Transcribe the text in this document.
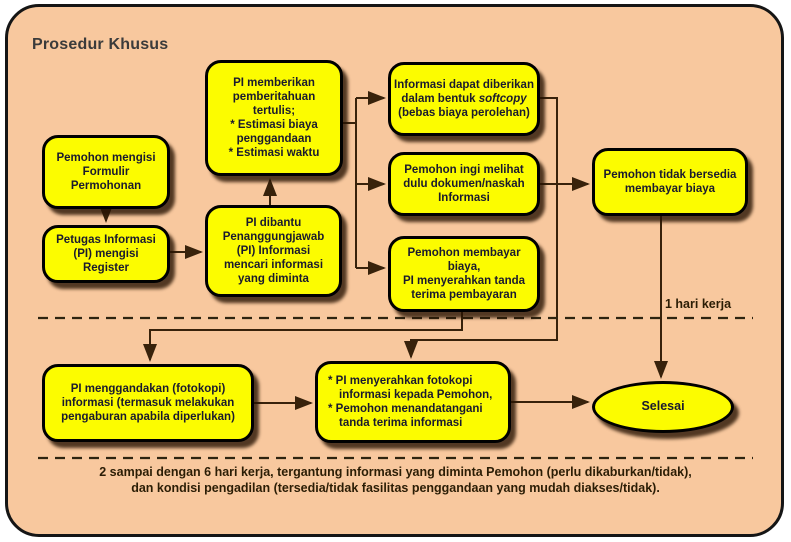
Prosedur Khusus
Pemohon mengisi Formulir Permohonan
Petugas Informasi (PI) mengisi Register
PI memberikan pemberitahuan tertulis;
* Estimasi biaya penggandaan
* Estimasi waktu
PI dibantu Penanggungjawab (PI) Informasi mencari informasi yang diminta
Informasi dapat diberikan dalam bentuk softcopy (bebas biaya perolehan)
Pemohon ingi melihat dulu dokumen/naskah Informasi
Pemohon membayar biaya,
PI menyerahkan tanda terima pembayaran
Pemohon tidak bersedia membayar biaya
PI menggandakan (fotokopi) informasi (termasuk melakukan pengaburan apabila diperlukan)
* PI menyerahkan fotokopi informasi kepada Pemohon,
* Pemohon menandatangani tanda terima informasi
Selesai
1 hari kerja
2 sampai dengan 6 hari kerja, tergantung informasi yang diminta Pemohon (perlu dikaburkan/tidak),
dan kondisi pengadilan (tersedia/tidak fasilitas penggandaan yang mudah diakses/tidak).
